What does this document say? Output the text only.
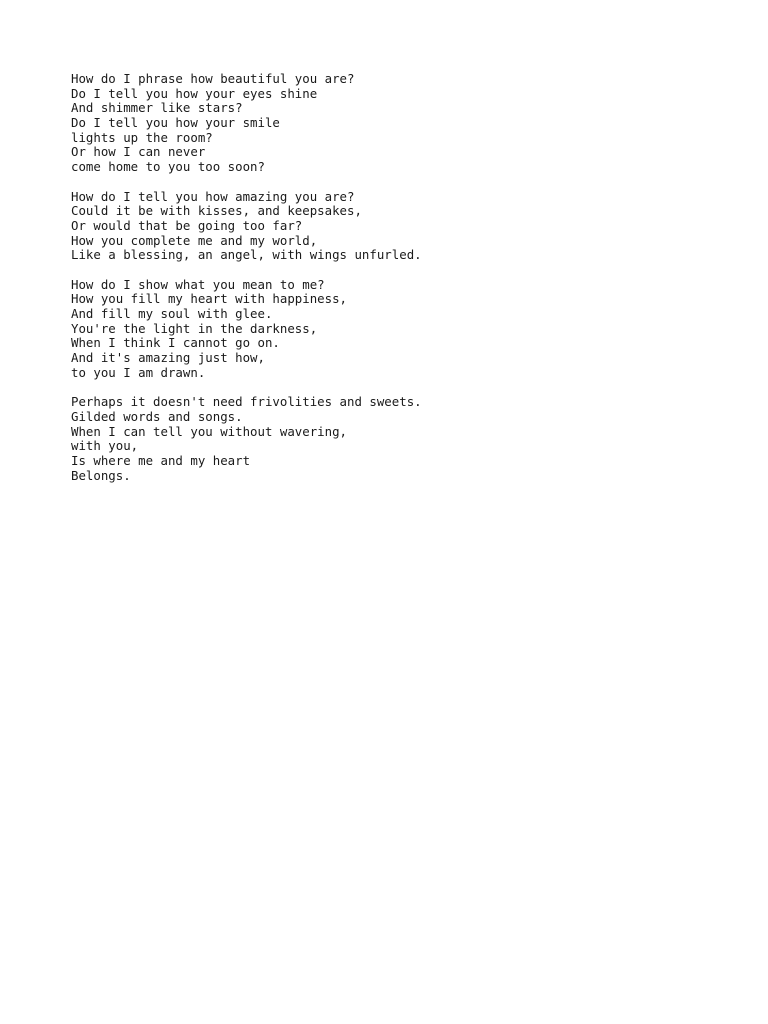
How do I phrase how beautiful you are?
Do I tell you how your eyes shine
And shimmer like stars?
Do I tell you how your smile
lights up the room?
Or how I can never
come home to you too soon?
How do I tell you how amazing you are?
Could it be with kisses, and keepsakes,
Or would that be going too far?
How you complete me and my world,
Like a blessing, an angel, with wings unfurled.
How do I show what you mean to me?
How you fill my heart with happiness,
And fill my soul with glee.
You're the light in the darkness,
When I think I cannot go on.
And it's amazing just how,
to you I am drawn.
Perhaps it doesn't need frivolities and sweets.
Gilded words and songs.
When I can tell you without wavering,
with you,
Is where me and my heart
Belongs.
